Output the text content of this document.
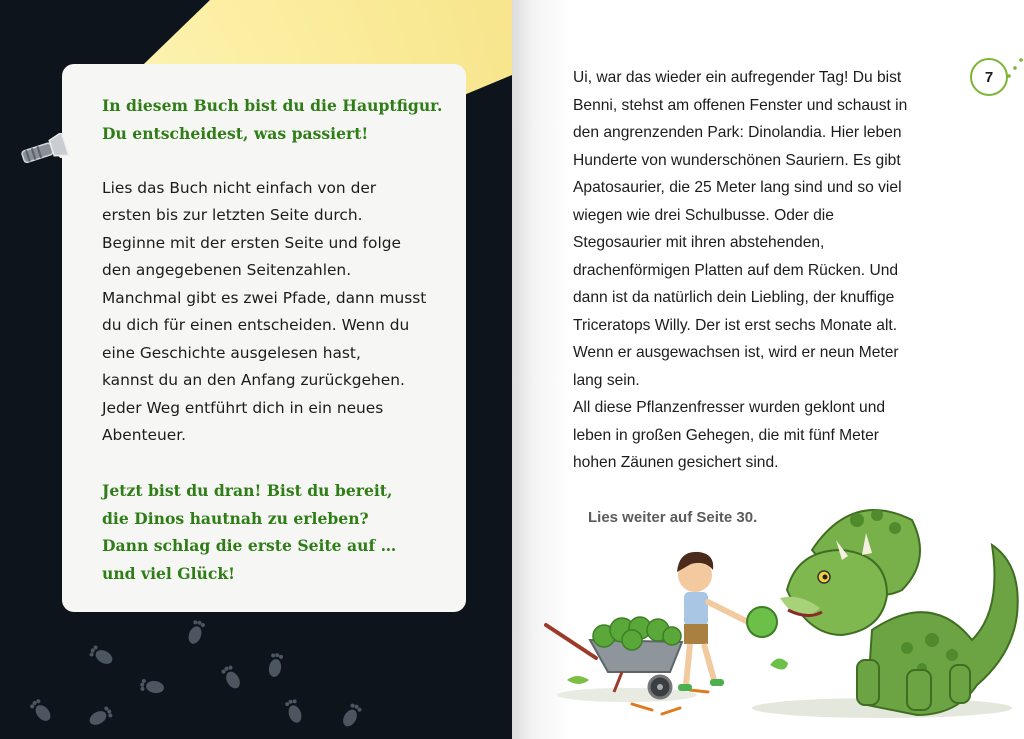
In diesem Buch bist du die Hauptfigur.
Du entscheidest, was passiert!
Lies das Buch nicht einfach von der
ersten bis zur letzten Seite durch.
Beginne mit der ersten Seite und folge
den angegebenen Seitenzahlen.
Manchmal gibt es zwei Pfade, dann musst
du dich für einen entscheiden. Wenn du
eine Geschichte ausgelesen hast,
kannst du an den Anfang zurückgehen.
Jeder Weg entführt dich in ein neues
Abenteuer.
Jetzt bist du dran! Bist du bereit,
die Dinos hautnah zu erleben?
Dann schlag die erste Seite auf …
und viel Glück!
Ui, war das wieder ein aufregender Tag! Du bist
Benni, stehst am offenen Fenster und schaust in
den angrenzenden Park: Dinolandia. Hier leben
Hunderte von wunderschönen Sauriern. Es gibt
Apatosaurier, die 25 Meter lang sind und so viel
wiegen wie drei Schulbusse. Oder die
Stegosaurier mit ihren abstehenden,
drachenförmigen Platten auf dem Rücken. Und
dann ist da natürlich dein Liebling, der knuffige
Triceratops Willy. Der ist erst sechs Monate alt.
Wenn er ausgewachsen ist, wird er neun Meter
lang sein.
All diese Pflanzenfresser wurden geklont und
leben in großen Gehegen, die mit fünf Meter
hohen Zäunen gesichert sind.
7
Lies weiter auf Seite 30.
